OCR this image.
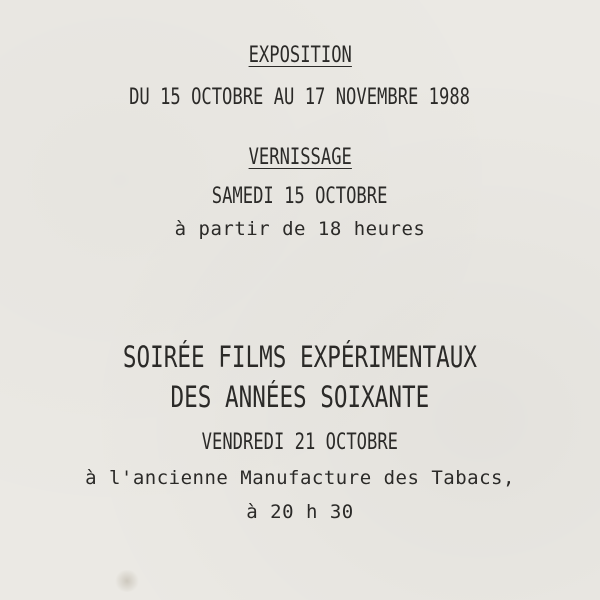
EXPOSITION
DU 15 OCTOBRE AU 17 NOVEMBRE 1988
VERNISSAGE
SAMEDI 15 OCTOBRE
à partir de 18 heures
SOIRÉE FILMS EXPÉRIMENTAUX
DES ANNÉES SOIXANTE
VENDREDI 21 OCTOBRE
à l'ancienne Manufacture des Tabacs,
à 20 h 30
